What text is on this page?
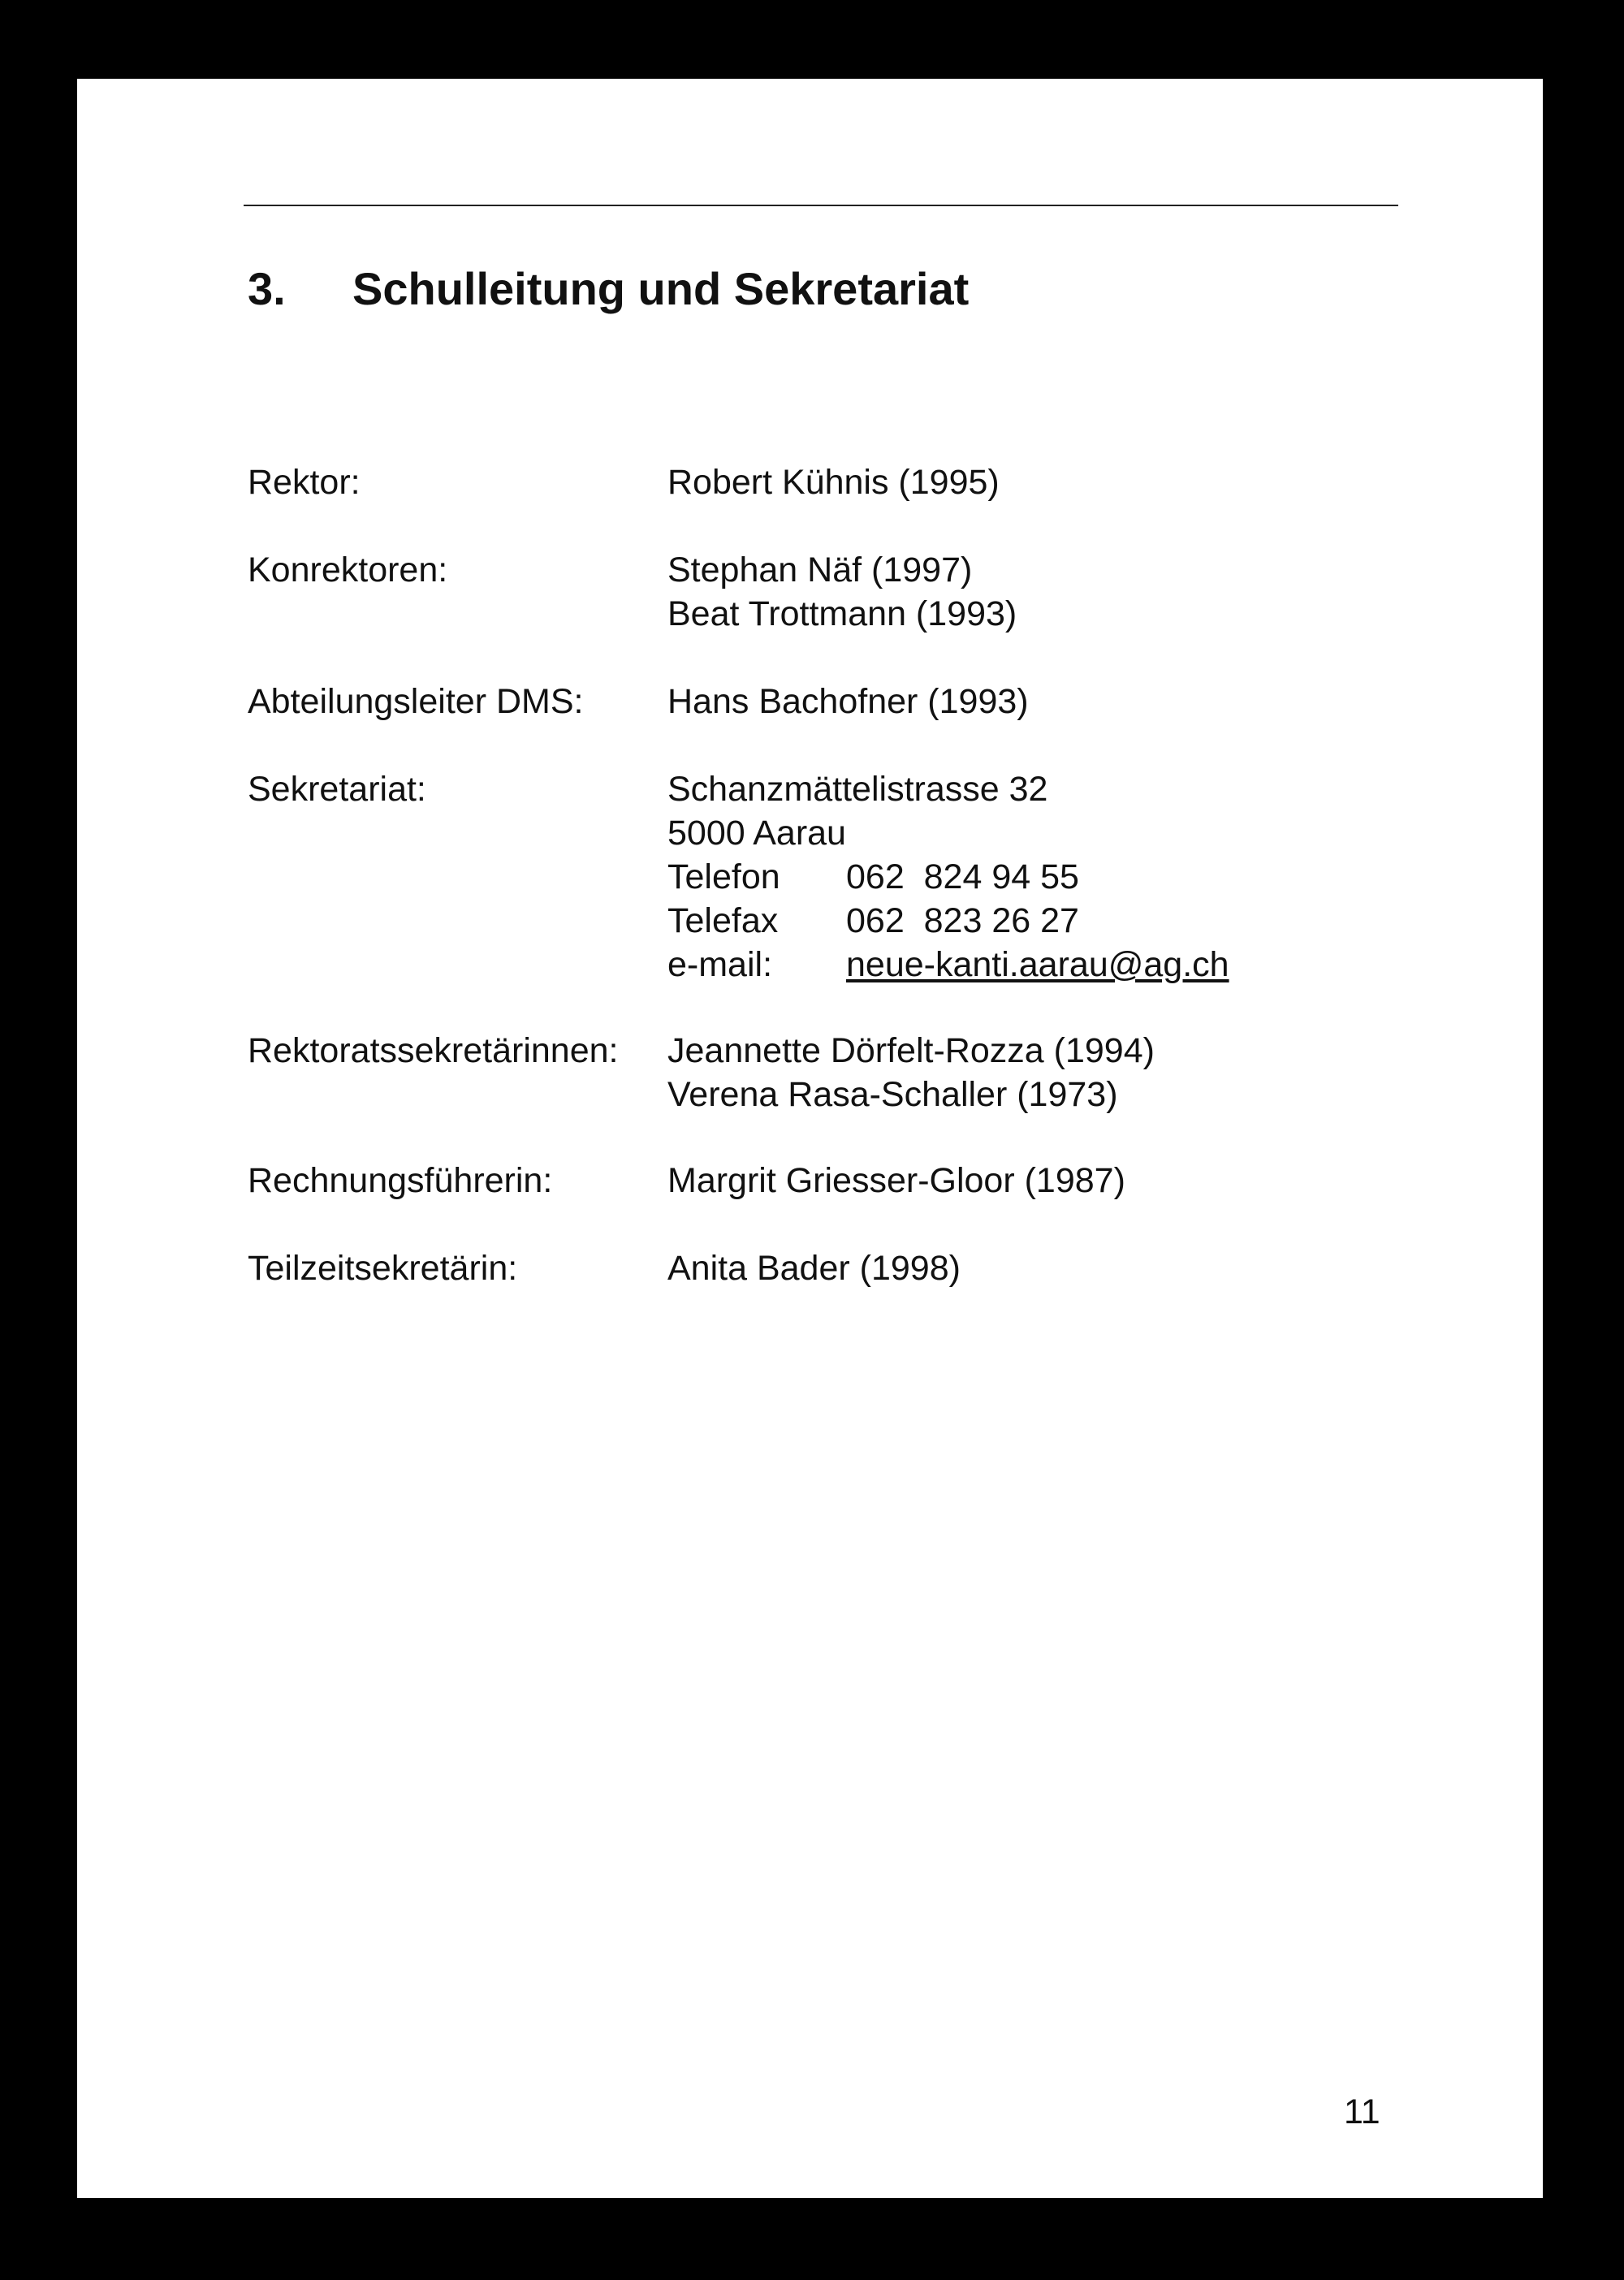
3. Schulleitung und Sekretariat
Rektor:	Robert Kühnis (1995)
Konrektoren:	Stephan Näf (1997)
Beat Trottmann (1993)
Abteilungsleiter DMS: Hans Bachofner (1993)
Sekretariat:	Schanzmättelistrasse 32
5000 Aarau
Telefon 062  824 94 55
Telefax 062  823 26 27
e-mail: neue-kanti.aarau@ag.ch
Rektoratssekretärinnen: Jeannette Dörfelt-Rozza (1994)
Verena Rasa-Schaller (1973)
Rechnungsführerin:	Margrit Griesser-Gloor (1987)
Teilzeitsekretärin:	Anita Bader (1998)
11
